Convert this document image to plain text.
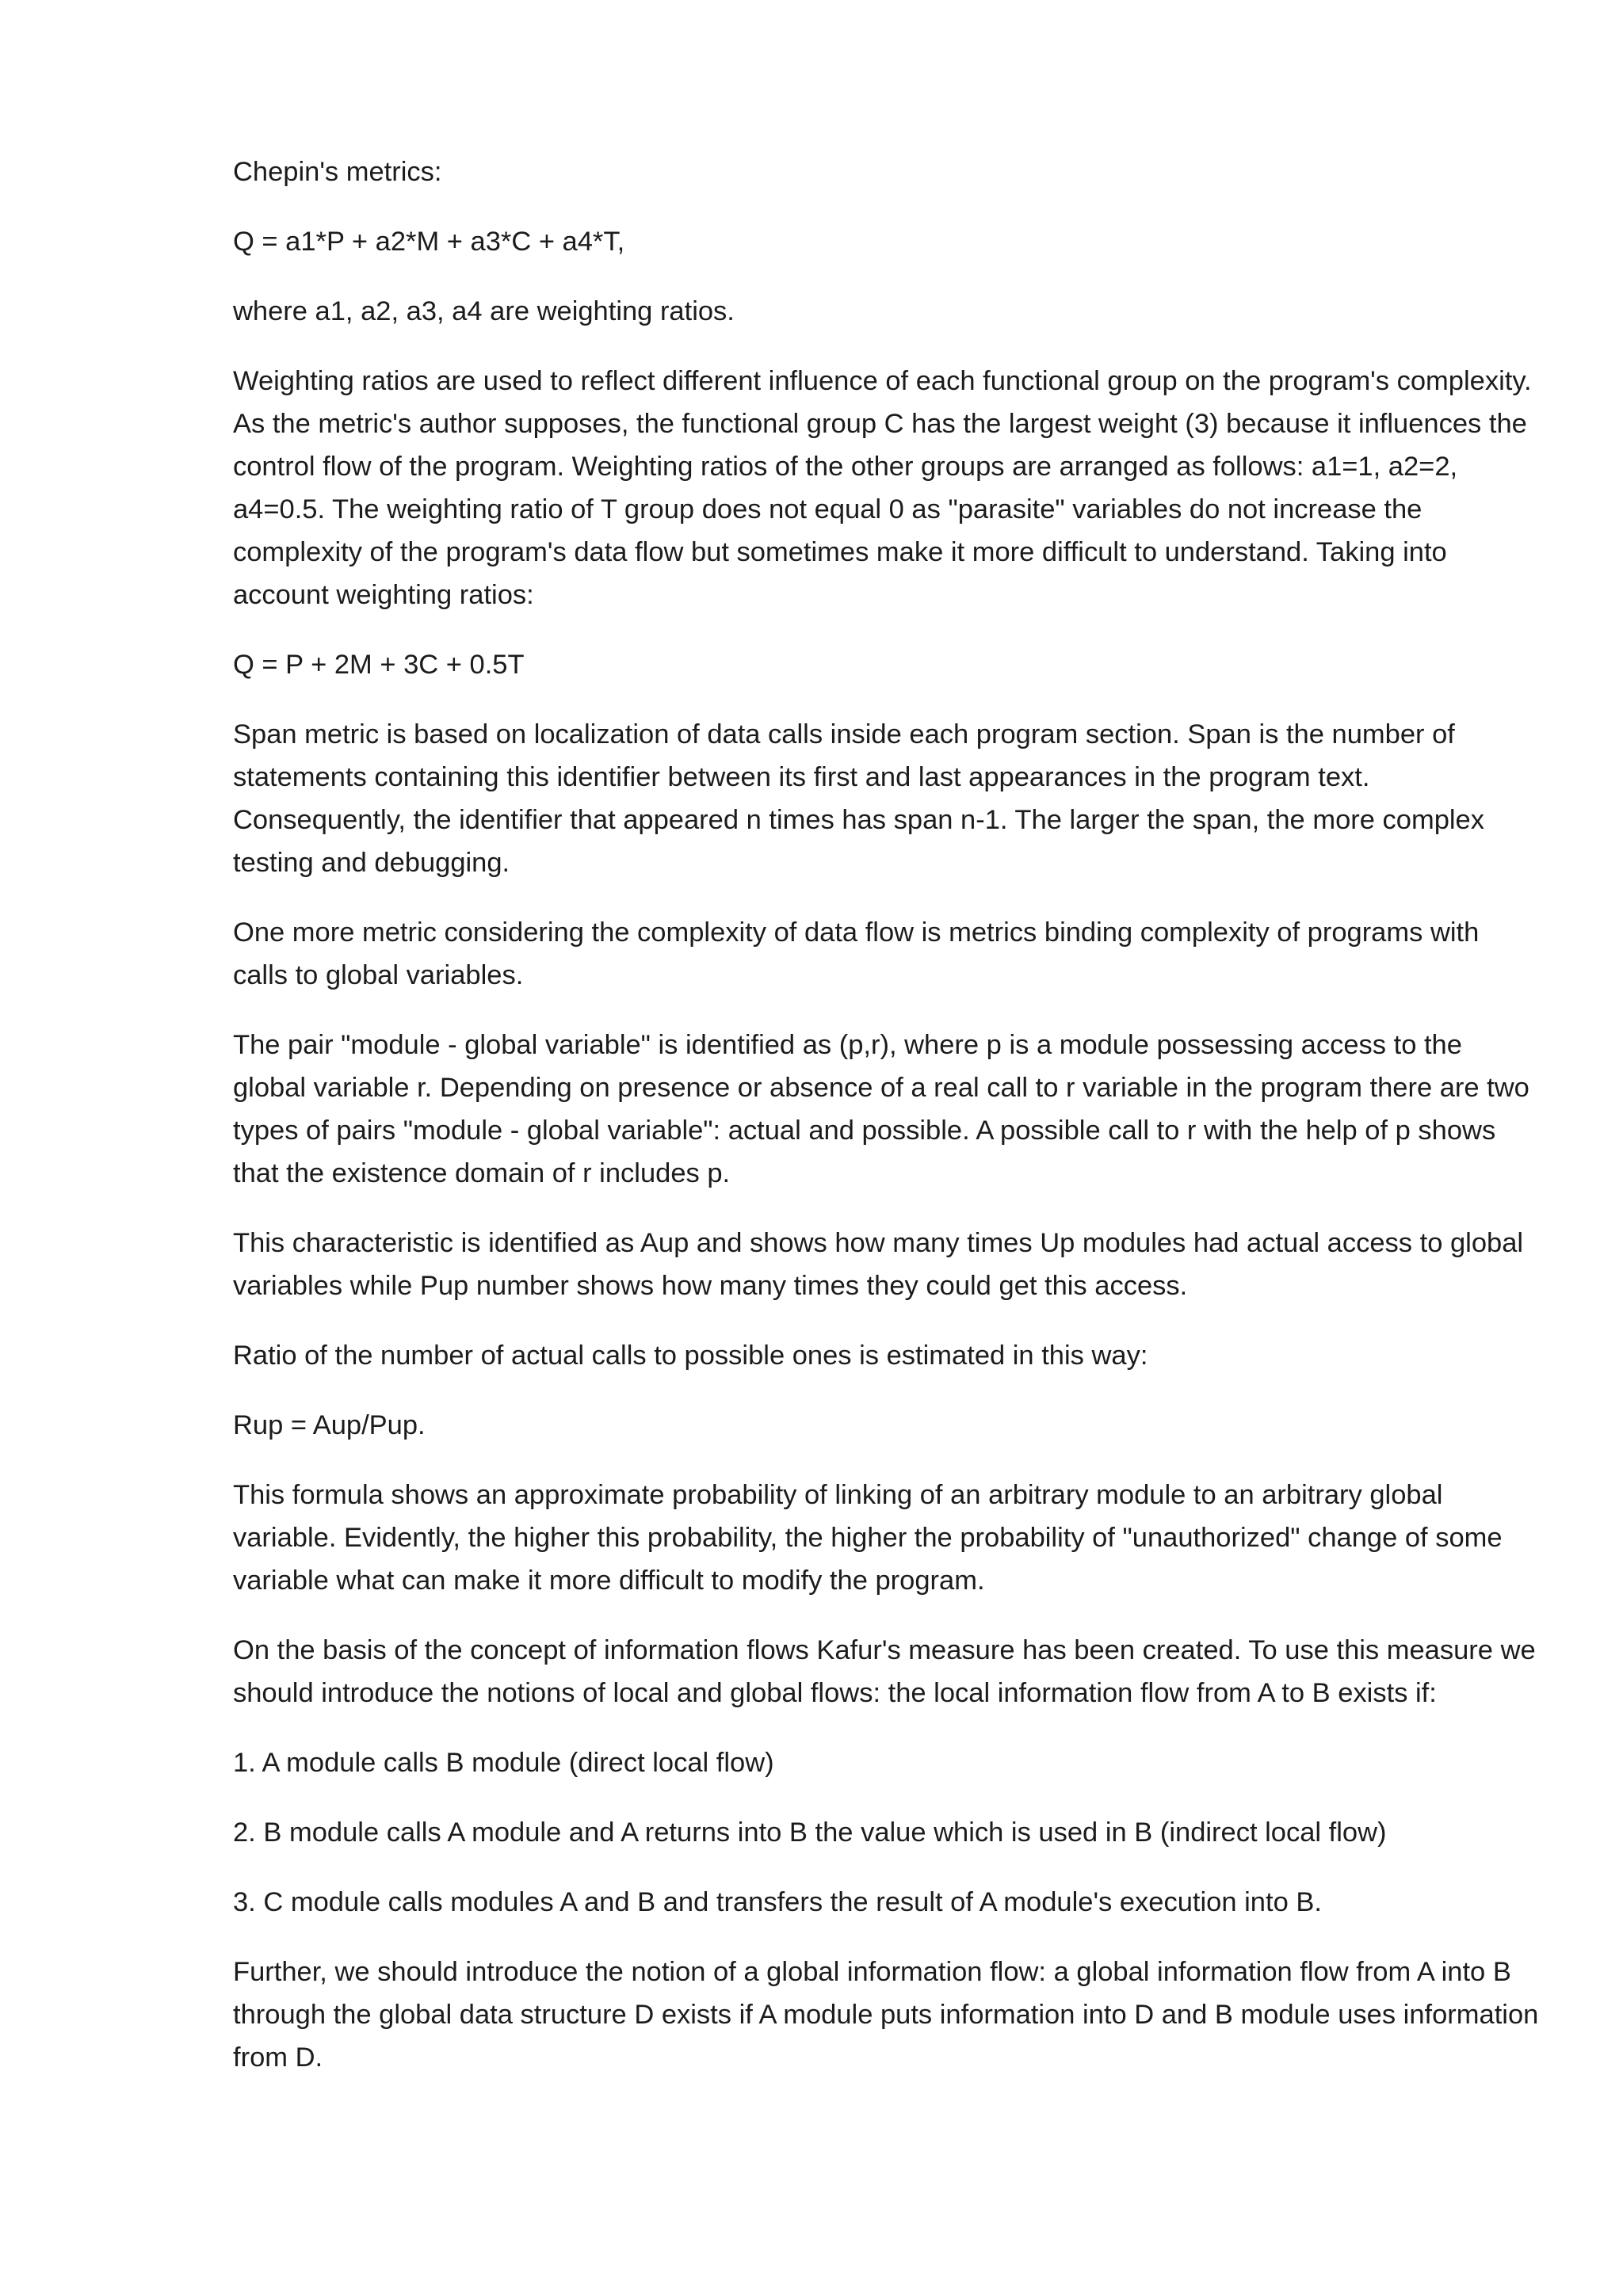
Chepin's metrics:

Q = a1*P + a2*M + a3*C + a4*T,

where a1, a2, a3, a4 are weighting ratios.

Weighting ratios are used to reflect different influence of each functional group on the program's complexity. As the metric's author supposes, the functional group C has the largest weight (3) because it influences the control flow of the program. Weighting ratios of the other groups are arranged as follows: a1=1, a2=2, a4=0.5. The weighting ratio of T group does not equal 0 as "parasite" variables do not increase the complexity of the program's data flow but sometimes make it more difficult to understand. Taking into account weighting ratios:

Q = P + 2M + 3C + 0.5T

Span metric is based on localization of data calls inside each program section. Span is the number of statements containing this identifier between its first and last appearances in the program text. Consequently, the identifier that appeared n times has span n-1. The larger the span, the more complex testing and debugging.

One more metric considering the complexity of data flow is metrics binding complexity of programs with calls to global variables.

The pair "module - global variable" is identified as (p,r), where p is a module possessing access to the global variable r. Depending on presence or absence of a real call to r variable in the program there are two types of pairs "module - global variable": actual and possible. A possible call to r with the help of p shows that the existence domain of r includes p.

This characteristic is identified as Aup and shows how many times Up modules had actual access to global variables while Pup number shows how many times they could get this access.

Ratio of the number of actual calls to possible ones is estimated in this way:

Rup = Aup/Pup.

This formula shows an approximate probability of linking of an arbitrary module to an arbitrary global variable. Evidently, the higher this probability, the higher the probability of "unauthorized" change of some variable what can make it more difficult to modify the program.

On the basis of the concept of information flows Kafur's measure has been created. To use this measure we should introduce the notions of local and global flows: the local information flow from A to B exists if:

1. A module calls B module (direct local flow)

2. B module calls A module and A returns into B the value which is used in B (indirect local flow)

3. C module calls modules A and B and transfers the result of A module's execution into B.

Further, we should introduce the notion of a global information flow: a global information flow from A into B through the global data structure D exists if A module puts information into D and B module uses information from D.
